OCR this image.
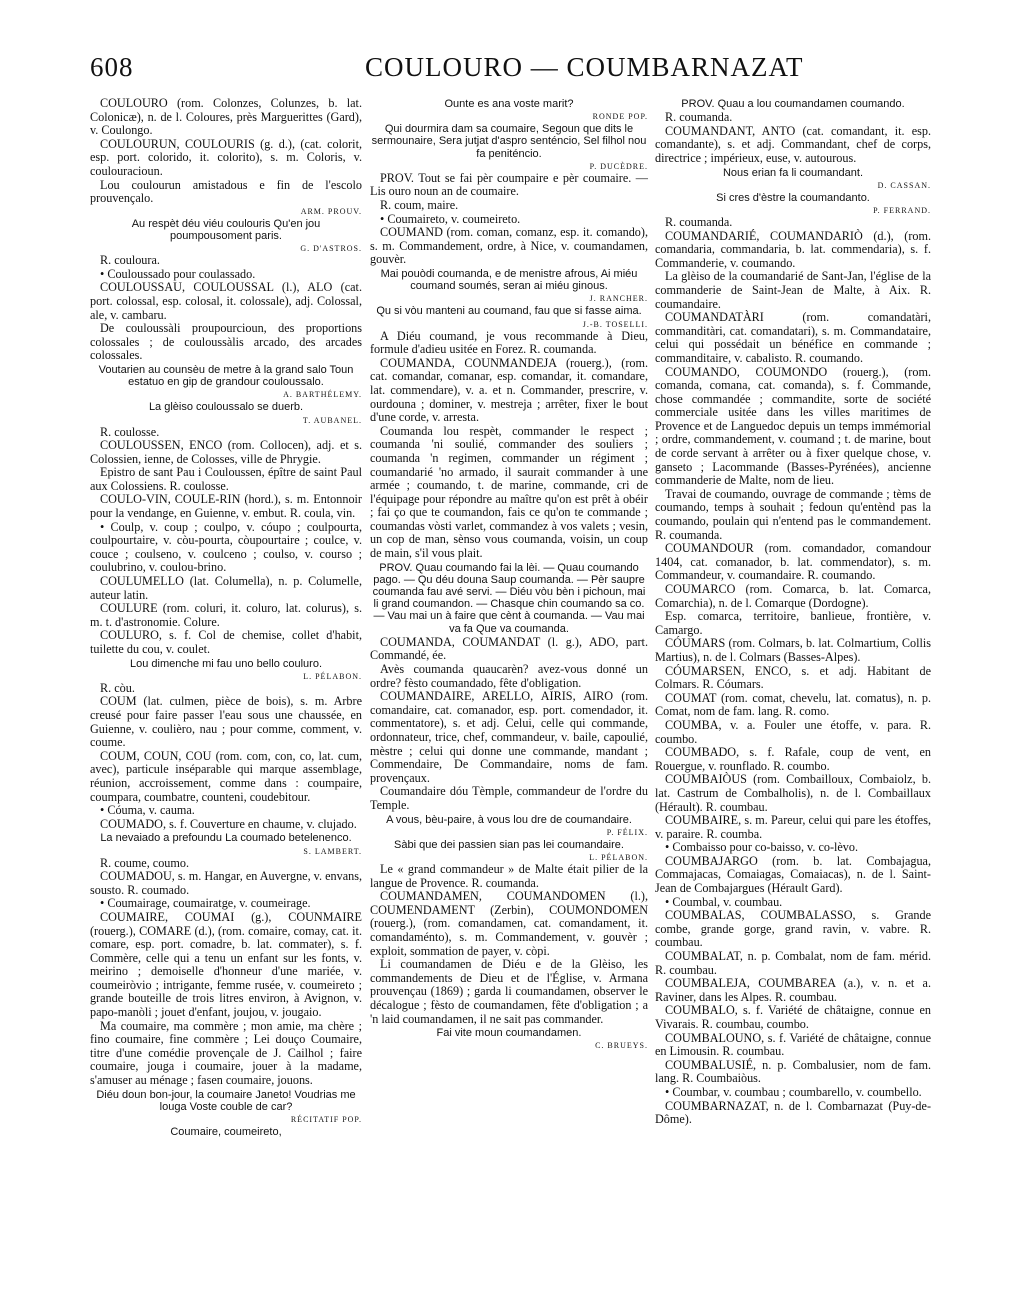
608	COULOURO — COUMBARNAZAT

COULOURO (rom. Colonzes, Colunzes, b. lat. Colonicæ), n. de l. Coloures, près Marguerittes (Gard), v. Coulongo.

COULOURUN, COULOURIS (g. d.), (cat. colorit, esp. port. colorido, it. colorito), s. m. Coloris, v. coulouracioun.

Lou coulourun amistadous e fin de l'escolo prouvençalo.

ARM. PROUV.

Au respèt déu viéu coulouris Qu'en jou poumpousoment paris.

G. D'ASTROS.

R. couloura.

• Couloussado pour coulassado.

COULOUSSAU, COULOUSSAL (l.), ALO (cat. port. colossal, esp. colosal, it. colossale), adj. Colossal, ale, v. cambaru.

De couloussàli proupourcioun, des proportions colossales ; de couloussàlis arcado, des arcades colossales.

Voutarien au counsèu de metre à la grand salo Toun estatuo en gip de grandour couloussalo.

A. BARTHÉLEMY.

La glèiso couloussalo se duerb.

T. AUBANEL.

R. coulosse.

COULOUSSEN, ENCO (rom. Collocen), adj. et s. Colossien, ienne, de Colosses, ville de Phrygie.

Epistro de sant Pau i Couloussen, épître de saint Paul aux Colossiens. R. coulosse.

COULO-VIN, COULE-RIN (hord.), s. m. Entonnoir pour la vendange, en Guienne, v. embut. R. coula, vin.

• Coulp, v. coup ; coulpo, v. cóupo ; coulpourta, coulpourtaire, v. còu-pourta, còupourtaire ; coulce, v. couce ; coulseno, v. coulceno ; coulso, v. courso ; coulubrino, v. coulou-brino.

COULUMELLO (lat. Columella), n. p. Columelle, auteur latin.

COULURE (rom. coluri, it. coluro, lat. colurus), s. m. t. d'astronomie. Colure.

COULURO, s. f. Col de chemise, collet d'habit, tuilette du cou, v. coulet.

Lou dimenche mi fau uno bello couluro.

L. PÉLABON.

R. còu.

COUM (lat. culmen, pièce de bois), s. m. Arbre creusé pour faire passer l'eau sous une chaussée, en Guienne, v. coulièro, nau ; pour comme, comment, v. coume.

COUM, COUN, COU (rom. com, con, co, lat. cum, avec), particule inséparable qui marque assemblage, réunion, accroissement, comme dans : coumpaire, coumpara, coumbatre, counteni, coudebitour.

• Cóuma, v. cauma.

COUMADO, s. f. Couverture en chaume, v. clujado.

La nevaiado a prefoundu La coumado betelenenco.

S. LAMBERT.

R. coume, coumo.

COUMADOU, s. m. Hangar, en Auvergne, v. envans, sousto. R. coumado.

• Coumairage, coumairatge, v. coumeirage.

COUMAIRE, COUMAI (g.), COUNMAIRE (rouerg.), COMARE (d.), (rom. comaire, comay, cat. it. comare, esp. port. comadre, b. lat. commater), s. f. Commère, celle qui a tenu un enfant sur les fonts, v. meirino ; demoiselle d'honneur d'une mariée, v. coumeiròvio ; intrigante, femme rusée, v. coumeireto ; grande bouteille de trois litres environ, à Avignon, v. papo-manòli ; jouet d'enfant, joujou, v. jougaio.

Ma coumaire, ma commère ; mon amie, ma chère ; fino coumaire, fine commère ; Lei douço Coumaire, titre d'une comédie provençale de J. Cailhol ; faire coumaire, jouga i coumaire, jouer à la madame, s'amuser au ménage ; fasen coumaire, jouons.

Diéu doun bon-jour, la coumaire Janeto! Voudrias me louga Voste couble de car?

RÉCITATIF POP.

Coumaire, coumeireto,

Ounte es ana voste marit?

RONDE POP.

Qui dourmira dam sa coumaire, Segoun que dits le sermounaire, Sera jutjat d'aspro senténcio, Sel filhol nou fa peniténcio.

P. DUCÈDRE.

PROV. Tout se fai pèr coumpaire e pèr coumaire. — Lis ouro noun an de coumaire.

R. coum, maire.

• Coumaireto, v. coumeireto.

COUMAND (rom. coman, comanz, esp. it. comando), s. m. Commandement, ordre, à Nice, v. coumandamen, gouvèr.

Mai pouòdi coumanda, e de menistre afrous, Ai miéu coumand soumés, seran ai miéu ginous.

J. RANCHER.

Qu si vòu manteni au coumand, fau que si fasse aima.

J.-B. TOSELLI.

A Diéu coumand, je vous recommande à Dieu, formule d'adieu usitée en Forez. R. coumanda.

COUMANDA, COUNMANDEJA (rouerg.), (rom. cat. comandar, comanar, esp. comandar, it. comandare, lat. commendare), v. a. et n. Commander, prescrire, v. ourdouna ; dominer, v. mestreja ; arrêter, fixer le bout d'une corde, v. arresta.

Coumanda lou respèt, commander le respect ; coumanda 'ni soulié, commander des souliers ; coumanda 'n regimen, commander un régiment ; coumandarié 'no armado, il saurait commander à une armée ; coumando, t. de marine, commande, cri de l'équipage pour répondre au maître qu'on est prêt à obéir ; fai ço que te coumandon, fais ce qu'on te commande ; coumandas vòsti varlet, commandez à vos valets ; vesin, un cop de man, sènso vous coumanda, voisin, un coup de main, s'il vous plait.

PROV. Quau coumando fai la lèi. — Quau coumando pago. — Qu déu douna Saup coumanda. — Pèr saupre coumanda fau avé servi. — Diéu vòu bèn i pichoun, mai li grand coumandon. — Chasque chin coumando sa co. — Vau mai un à faire que cènt à coumanda. — Vau mai va fa Que va coumanda.

COUMANDA, COUMANDAT (l. g.), ADO, part. Commandé, ée.

Avès coumanda quaucarèn? avez-vous donné un ordre? fèsto coumandado, fête d'obligation.

COUMANDAIRE, ARELLO, AIRIS, AIRO (rom. comandaire, cat. comanador, esp. port. comendador, it. commentatore), s. et adj. Celui, celle qui commande, ordonnateur, trice, chef, commandeur, v. baile, capoulié, mèstre ; celui qui donne une commande, mandant ; Commendaire, De Commandaire, noms de fam. provençaux.

Coumandaire dóu Tèmple, commandeur de l'ordre du Temple.

A vous, bèu-paire, à vous lou dre de coumandaire.

P. FÉLIX.

Sàbi que dei passien sian pas lei coumandaire.

L. PÉLABON.

Le « grand commandeur » de Malte était pilier de la langue de Provence. R. coumanda.

COUMANDAMEN, COUMANDOMEN (l.), COUMENDAMENT (Zerbin), COUMONDOMEN (rouerg.), (rom. comandamen, cat. comandament, it. comandaménto), s. m. Commandement, v. gouvèr ; exploit, sommation de payer, v. còpi.

Li coumandamen de Diéu e de la Glèiso, les commandements de Dieu et de l'Église, v. Armana prouvençau (1869) ; garda li coumandamen, observer le décalogue ; fèsto de coumandamen, fête d'obligation ; a 'n laid coumandamen, il ne sait pas commander.

Fai vite moun coumandamen.

C. BRUEYS.

PROV. Quau a lou coumandamen coumando.

R. coumanda.

COUMANDANT, ANTO (cat. comandant, it. esp. comandante), s. et adj. Commandant, chef de corps, directrice ; impérieux, euse, v. autourous.

Nous erian fa li coumandant.

D. CASSAN.

Si cres d'èstre la coumandanto.

P. FERRAND.

R. coumanda.

COUMANDARIÉ, COUMANDARIÒ (d.), (rom. comandaria, commandaria, b. lat. commendaria), s. f. Commanderie, v. coumando.

La glèiso de la coumandarié de Sant-Jan, l'église de la commanderie de Saint-Jean de Malte, à Aix. R. coumandaire.

COUMANDATÀRI (rom. comandatàri, commanditàri, cat. comandatari), s. m. Commandataire, celui qui possédait un bénéfice en commande ; commanditaire, v. cabalisto. R. coumando.

COUMANDO, COUMONDO (rouerg.), (rom. comanda, comana, cat. comanda), s. f. Commande, chose commandée ; commandite, sorte de société commerciale usitée dans les villes maritimes de Provence et de Languedoc depuis un temps immémorial ; ordre, commandement, v. coumand ; t. de marine, bout de corde servant à arrêter ou à fixer quelque chose, v. ganseto ; Lacommande (Basses-Pyrénées), ancienne commanderie de Malte, nom de lieu.

Travai de coumando, ouvrage de commande ; tèms de coumando, temps à souhait ; fedoun qu'entènd pas la coumando, poulain qui n'entend pas le commandement. R. coumanda.

COUMANDOUR (rom. comandador, comandour 1404, cat. comanador, b. lat. commendator), s. m. Commandeur, v. coumandaire. R. coumando.

COUMARCO (rom. Comarca, b. lat. Comarca, Comarchia), n. de l. Comarque (Dordogne).

Esp. comarca, territoire, banlieue, frontière, v. Camargo.

CÓUMARS (rom. Colmars, b. lat. Colmartium, Collis Martius), n. de l. Colmars (Basses-Alpes).

CÓUMARSEN, ENCO, s. et adj. Habitant de Colmars. R. Cóumars.

COUMAT (rom. comat, chevelu, lat. comatus), n. p. Comat, nom de fam. lang. R. como.

COUMBA, v. a. Fouler une étoffe, v. para. R. coumbo.

COUMBADO, s. f. Rafale, coup de vent, en Rouergue, v. rounflado. R. coumbo.

COUMBAIÒUS (rom. Combailloux, Combaiolz, b. lat. Castrum de Combalholis), n. de l. Combaillaux (Hérault). R. coumbau.

COUMBAIRE, s. m. Pareur, celui qui pare les étoffes, v. paraire. R. coumba.

• Combaisso pour co-baisso, v. co-lèvo.

COUMBAJARGO (rom. b. lat. Combajagua, Commajacas, Comaiagas, Comaiacas), n. de l. Saint-Jean de Combajargues (Hérault Gard).

• Coumbal, v. coumbau.

COUMBALAS, COUMBALASSO, s. Grande combe, grande gorge, grand ravin, v. vabre. R. coumbau.

COUMBALAT, n. p. Combalat, nom de fam. mérid. R. coumbau.

COUMBALEJA, COUMBAREA (a.), v. n. et a. Raviner, dans les Alpes. R. coumbau.

COUMBALO, s. f. Variété de châtaigne, connue en Vivarais. R. coumbau, coumbo.

COUMBALOUNO, s. f. Variété de châtaigne, connue en Limousin. R. coumbau.

COUMBALUSIÉ, n. p. Combalusier, nom de fam. lang. R. Coumbaiòus.

• Coumbar, v. coumbau ; coumbarello, v. coumbello.

COUMBARNAZAT, n. de l. Combarnazat (Puy-de-Dôme).
